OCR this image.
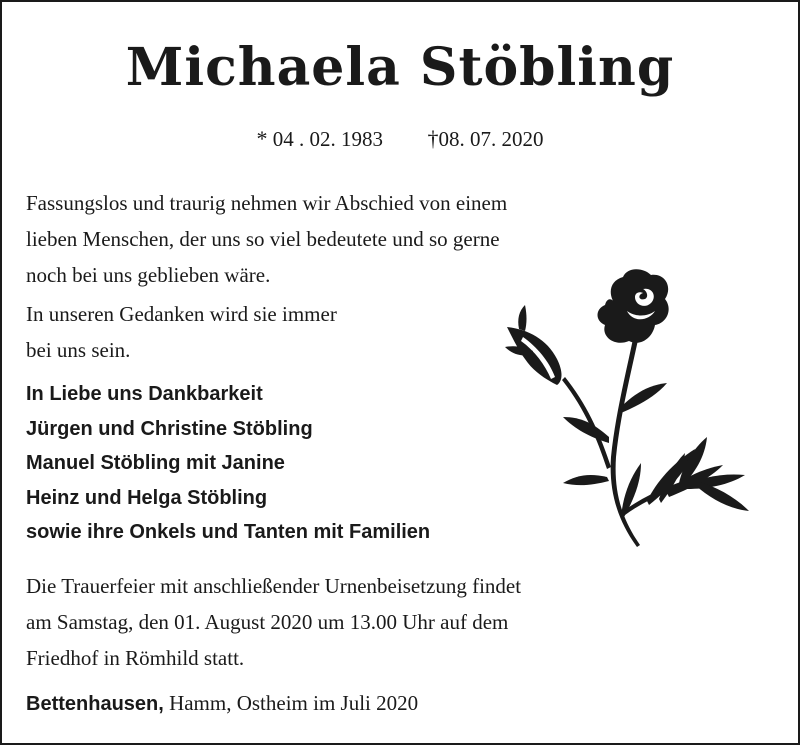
Michaela Stöbling
* 04 . 02. 1983 †08. 07. 2020
Fassungslos und traurig nehmen wir Abschied von einem
lieben Menschen, der uns so viel bedeutete und so gerne
noch bei uns geblieben wäre.
In unseren Gedanken wird sie immer
bei uns sein.
In Liebe uns Dankbarkeit
Jürgen und Christine Stöbling
Manuel Stöbling mit Janine
Heinz und Helga Stöbling
sowie ihre Onkels und Tanten mit Familien
Die Trauerfeier mit anschließender Urnenbeisetzung findet
am Samstag, den 01. August 2020 um 13.00 Uhr auf dem
Friedhof in Römhild statt.
Bettenhausen, Hamm, Ostheim im Juli 2020
